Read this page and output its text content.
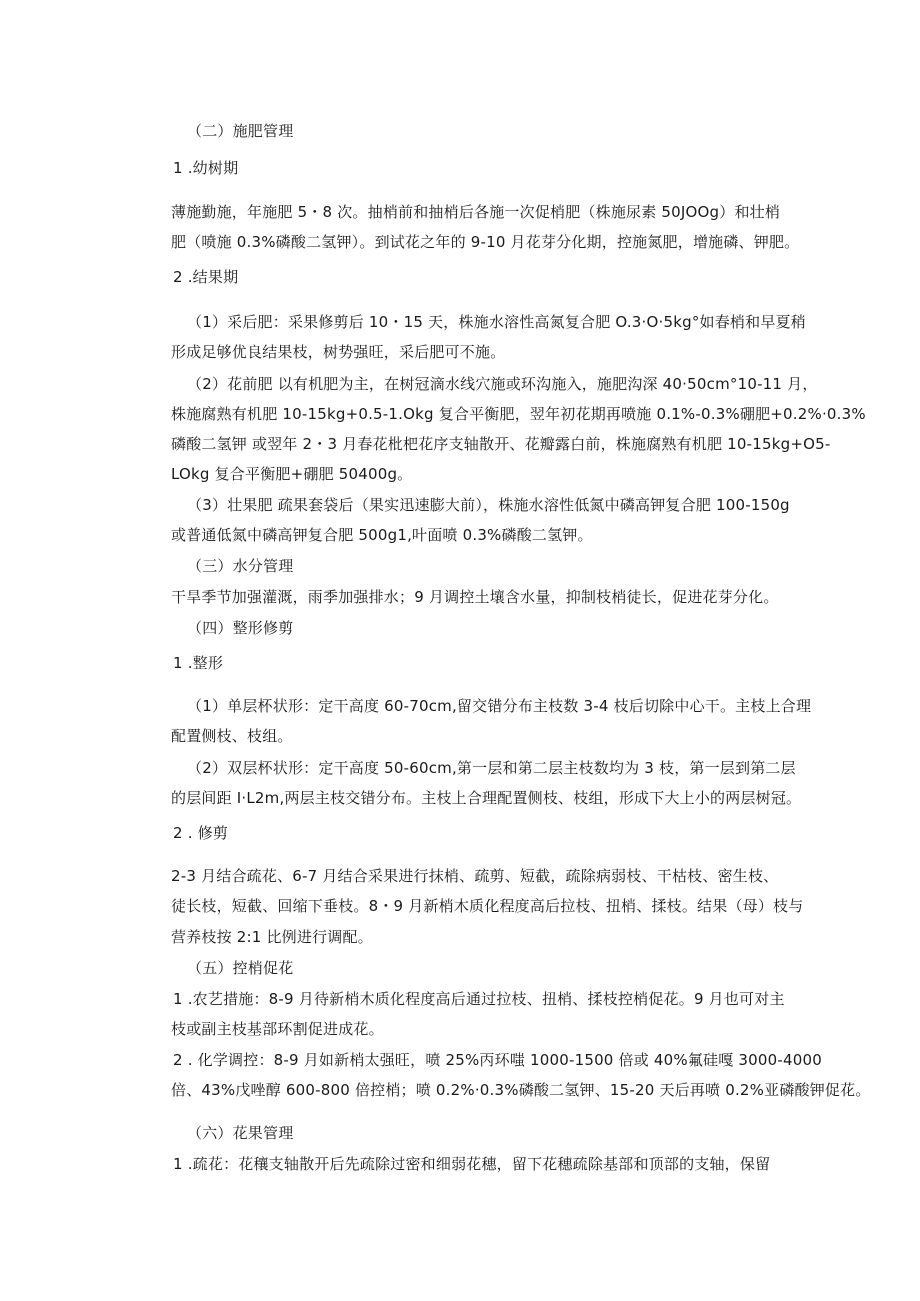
（二）施肥管理
1 .幼树期
薄施勤施，年施肥 5・8 次。抽梢前和抽梢后各施一次促梢肥（株施尿素 50JOOg）和壮梢
肥（喷施 0.3%磷酸二氢钾）。到试花之年的 9-10 月花芽分化期，控施氮肥，增施磷、钾肥。
2 .结果期
（1）采后肥：采果修剪后 10・15 天，株施水溶性高氮复合肥 O.3·O·5kg°如春梢和早夏稍
形成足够优良结果枝，树势强旺，采后肥可不施。
（2）花前肥 以有机肥为主，在树冠滴水线穴施或环沟施入，施肥沟深 40·50cm°10-11 月，
株施腐熟有机肥 10-15kg+0.5-1.Okg 复合平衡肥，翌年初花期再喷施 0.1%-0.3%硼肥+0.2%·0.3%
磷酸二氢钾 或翌年 2・3 月春花枇杷花序支轴散开、花瓣露白前，株施腐熟有机肥 10-15kg+O5-
LOkg 复合平衡肥+硼肥 50400g。
（3）壮果肥 疏果套袋后（果实迅速膨大前），株施水溶性低氮中磷高钾复合肥 100-150g
或普通低氮中磷高钾复合肥 500g1,叶面喷 0.3%磷酸二氢钾。
（三）水分管理
干旱季节加强灌溉，雨季加强排水；9 月调控土壤含水量，抑制枝梢徒长，促进花芽分化。
（四）整形修剪
1 .整形
（1）单层杯状形：定干高度 60-70cm,留交错分布主枝数 3-4 枝后切除中心干。主枝上合理
配置侧枝、枝组。
（2）双层杯状形：定干高度 50-60cm,第一层和第二层主枝数均为 3 枝，第一层到第二层
的层间距 I·L2m,两层主枝交错分布。主枝上合理配置侧枝、枝组，形成下大上小的两层树冠。
2 . 修剪
2-3 月结合疏花、6-7 月结合采果进行抹梢、疏剪、短截，疏除病弱枝、干枯枝、密生枝、
徒长枝，短截、回缩下垂枝。8・9 月新梢木质化程度高后拉枝、扭梢、揉枝。结果（母）枝与
营养枝按 2:1 比例进行调配。
（五）控梢促花
1 .农艺措施：8-9 月待新梢木质化程度高后通过拉枝、扭梢、揉枝控梢促花。9 月也可对主
枝或副主枝基部环割促进成花。
2 . 化学调控：8-9 月如新梢太强旺，喷 25%丙环嗤 1000-1500 倍或 40%氟硅嘎 3000-4000
倍、43%戊唑醇 600-800 倍控梢；喷 0.2%·0.3%磷酸二氢钾、15-20 天后再喷 0.2%亚磷酸钾促花。
（六）花果管理
1 .疏花：花穰支轴散开后先疏除过密和细弱花穗，留下花穗疏除基部和顶部的支轴，保留
